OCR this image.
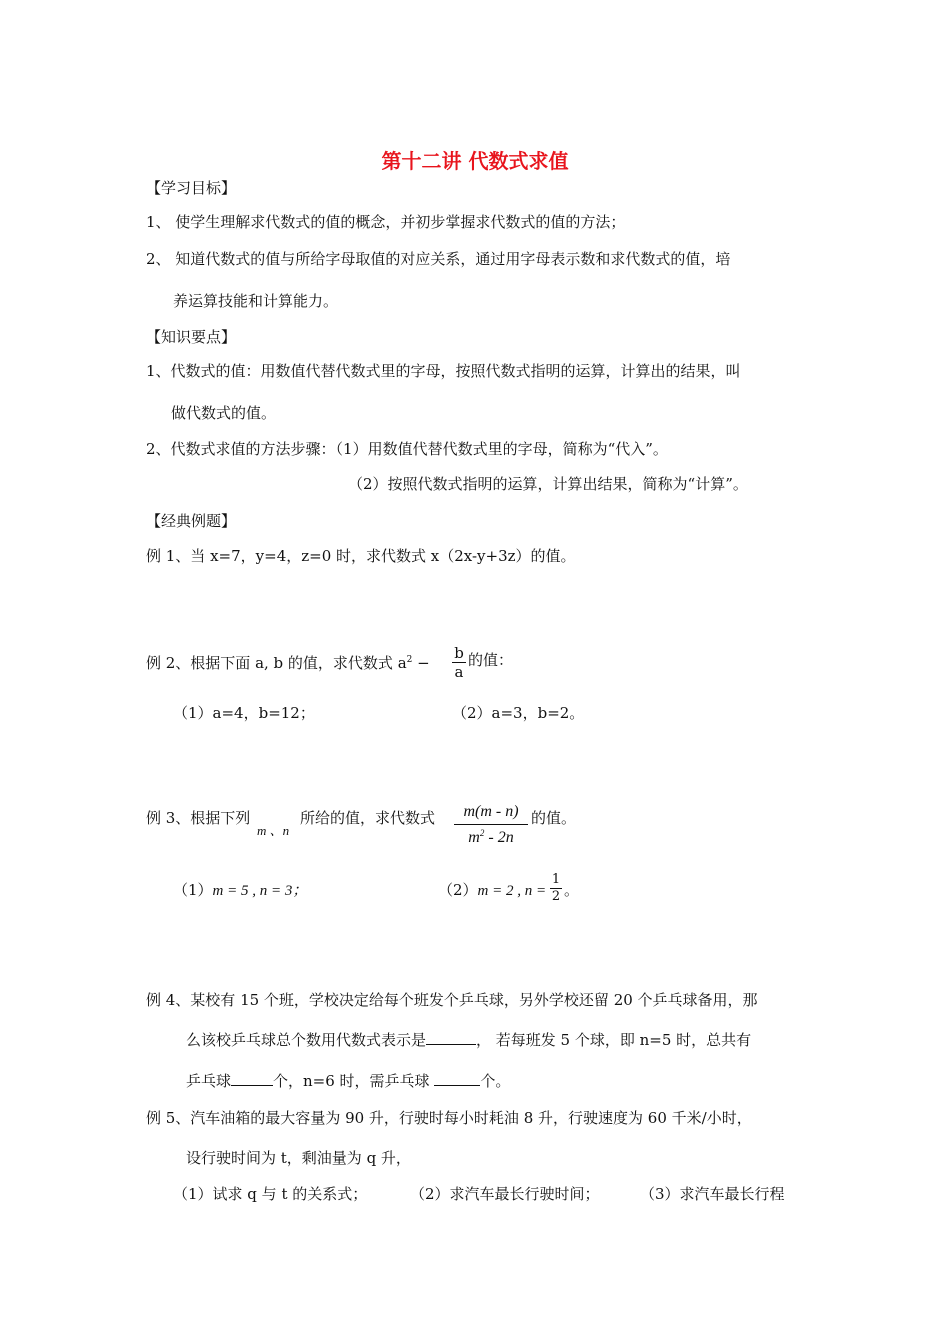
第十二讲 代数式求值
【学习目标】
1、 使学生理解求代数式的值的概念，并初步掌握求代数式的值的方法；
2、 知道代数式的值与所给字母取值的对应关系，通过用字母表示数和求代数式的值，培
养运算技能和计算能力。
【知识要点】
1、代数式的值：用数值代替代数式里的字母，按照代数式指明的运算，计算出的结果，叫
做代数式的值。
2、代数式求值的方法步骤：（1）用数值代替代数式里的字母，简称为“代入”。
（2）按照代数式指明的运算，计算出结果，简称为“计算”。
【经典例题】
例 1、当 x=7，y=4，z=0 时，求代数式 x（2x-y+3z）的值。
例 2、根据下面 a, b 的值，求代数式 $a^2$ −
b
a
的值：
（1）a=4，b=12；	（2）a=3，b=2。
例 3、根据下列
m 、n
所给的值，求代数式	m(m - n)
$m^2 - 2n$
的值。
（1）m = 5 , n = 3；	（2）m = 2 , n =
1
2 。
例 4、某校有 15 个班，学校决定给每个班发个乒乓球，另外学校还留 20 个乒乓球备用，那
么该校乒乓球总个数用代数式表示是	， 若每班发 5 个球，即 n=5 时，总共有
乒乓球	个，n=6 时，需乒乓球	个。
例 5、汽车油箱的最大容量为 90 升，行驶时每小时耗油 8 升，行驶速度为 60 千米/小时，
设行驶时间为 t，剩油量为 q 升，
（1）试求 q 与 t 的关系式；	（2）求汽车最长行驶时间；	（3）求汽车最长行程
